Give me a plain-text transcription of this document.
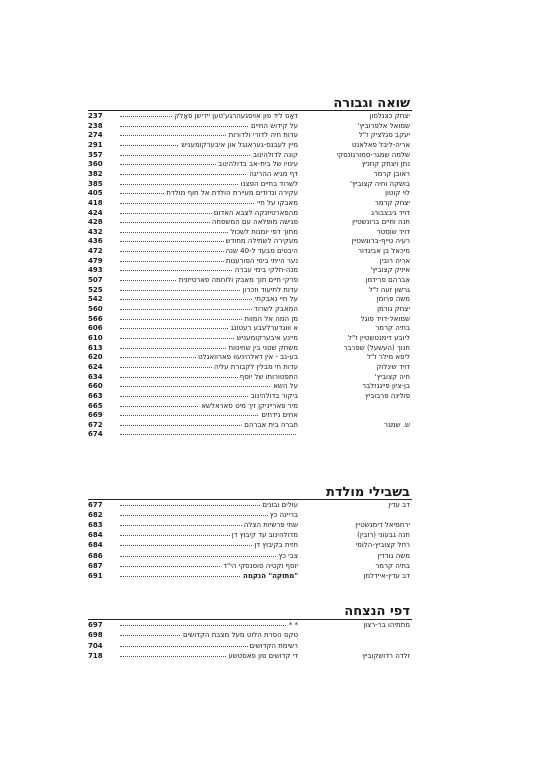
שואה וגבורה
יצחק כצנלסון
דאָס ליד פון אויסגעהרגע'טען יידישן פאָלק
237
שמואל אלפרוביץ'
על קידוש החיים
238
יעקב סגלציק ז"ל
עדות חיה לדורי ולדורות
274
אריה-ליבל פאלאנט
מיין לעבנס-געראנגל און איבערקומעניש
291
שלמה שמגר-סמורגונסקי
קונה לדולהינוב
357
נתן ויצחק קוזניץ
עינויו של בית-אב בדולהינוב
360
ראובן קרמר
דף מגיא ההריגה
382
בושקה וחיה קצוביץ'
לשרוד בחיים הפצנו
385
לוי קוטון
עקירה ונדודים מעיירת הולדת אל חוף מולדת
405
יצחק קרמר
מאבקו על חיי
418
דויד גיבצבורג
מהפארטיזנקה לצבא האדום
424
חנה וחיים ברונשטיין
פגישה מופלאה עם המשפחה
428
דויד שוסטר
מתוך דפי יומנות לשכול
432
רעיה טייף-ברונשטיין
מעקירה לשתילה מחודש
436
מיכאל בן אביגדור
היבטים מבעד ל-40 שנה
472
אריה רובין
נער הייתי בימי הפורענות
479
איזיק קצוביץ'
מנה-חלקי בימי עברה
493
אברהם פרידמן
פרקי חיים תוך מאבק ולוחמה פארטיזנית
507
גרשון זעה ז"ל
עדות לתיעוד וזכרון
525
משה פרומן
על חיי נאבקתי
542
יצחק גורמן
המאבק לשרוד
560
שמואל-דויד פוגל
מן המה אל המוות
566
בתיה קרמר
א וווגדערלעבע רעטונג
606
ליובע דימנטשטיין ז"ל
מיינע איבערקומעניש
610
חנוך (העשעל) שפרבר
משחק שטני בין שחיטות
613
ליפא מילר ז"ל
בע-נב - אין דאלהינעוו פארוואגלט
620
דויד שינלוק
עדות חי מבלין לקבורת עליה
624
חיה קצוביץ'
התפטורותו של יוסף
634
בן-ציון פייגנזלבר
על השא
660
פולינה פרבוביץ
ביקור בדולהינוב
663
מיר פארייניקן זיך מיט סאראלשא
665
אחים נידחים
669
ש. שמגר
חברה בית אברהם
672
674
בשבילי מולדת
דב עדין
עולים ובונים
677
בריינה כץ
682
ירחמיאל דימנשטיין
שתי פרשיות הצלה
683
חנה גבעוני (רובין)
מדולהינוב עד קיבוץ דן
684
רחל קצוביץ-הלומי
חזית בקיבוץ דן
684
משה גורדין
צבי כץ
686
בתיה קרמר
יוסף וקטיה סוסנסקי הי"ד
687
דב עדין-איידלמן
"מתוקה" הנקמה
691
דפי הנצחה
מתתיהו בר-רצון
* *
697
טקס הסרת הלוט מעל מצבת הקדושים
698
רשימת הקדושים
704
זלדה רדושקוביץ
די קדושים פון פאסטשע
718
